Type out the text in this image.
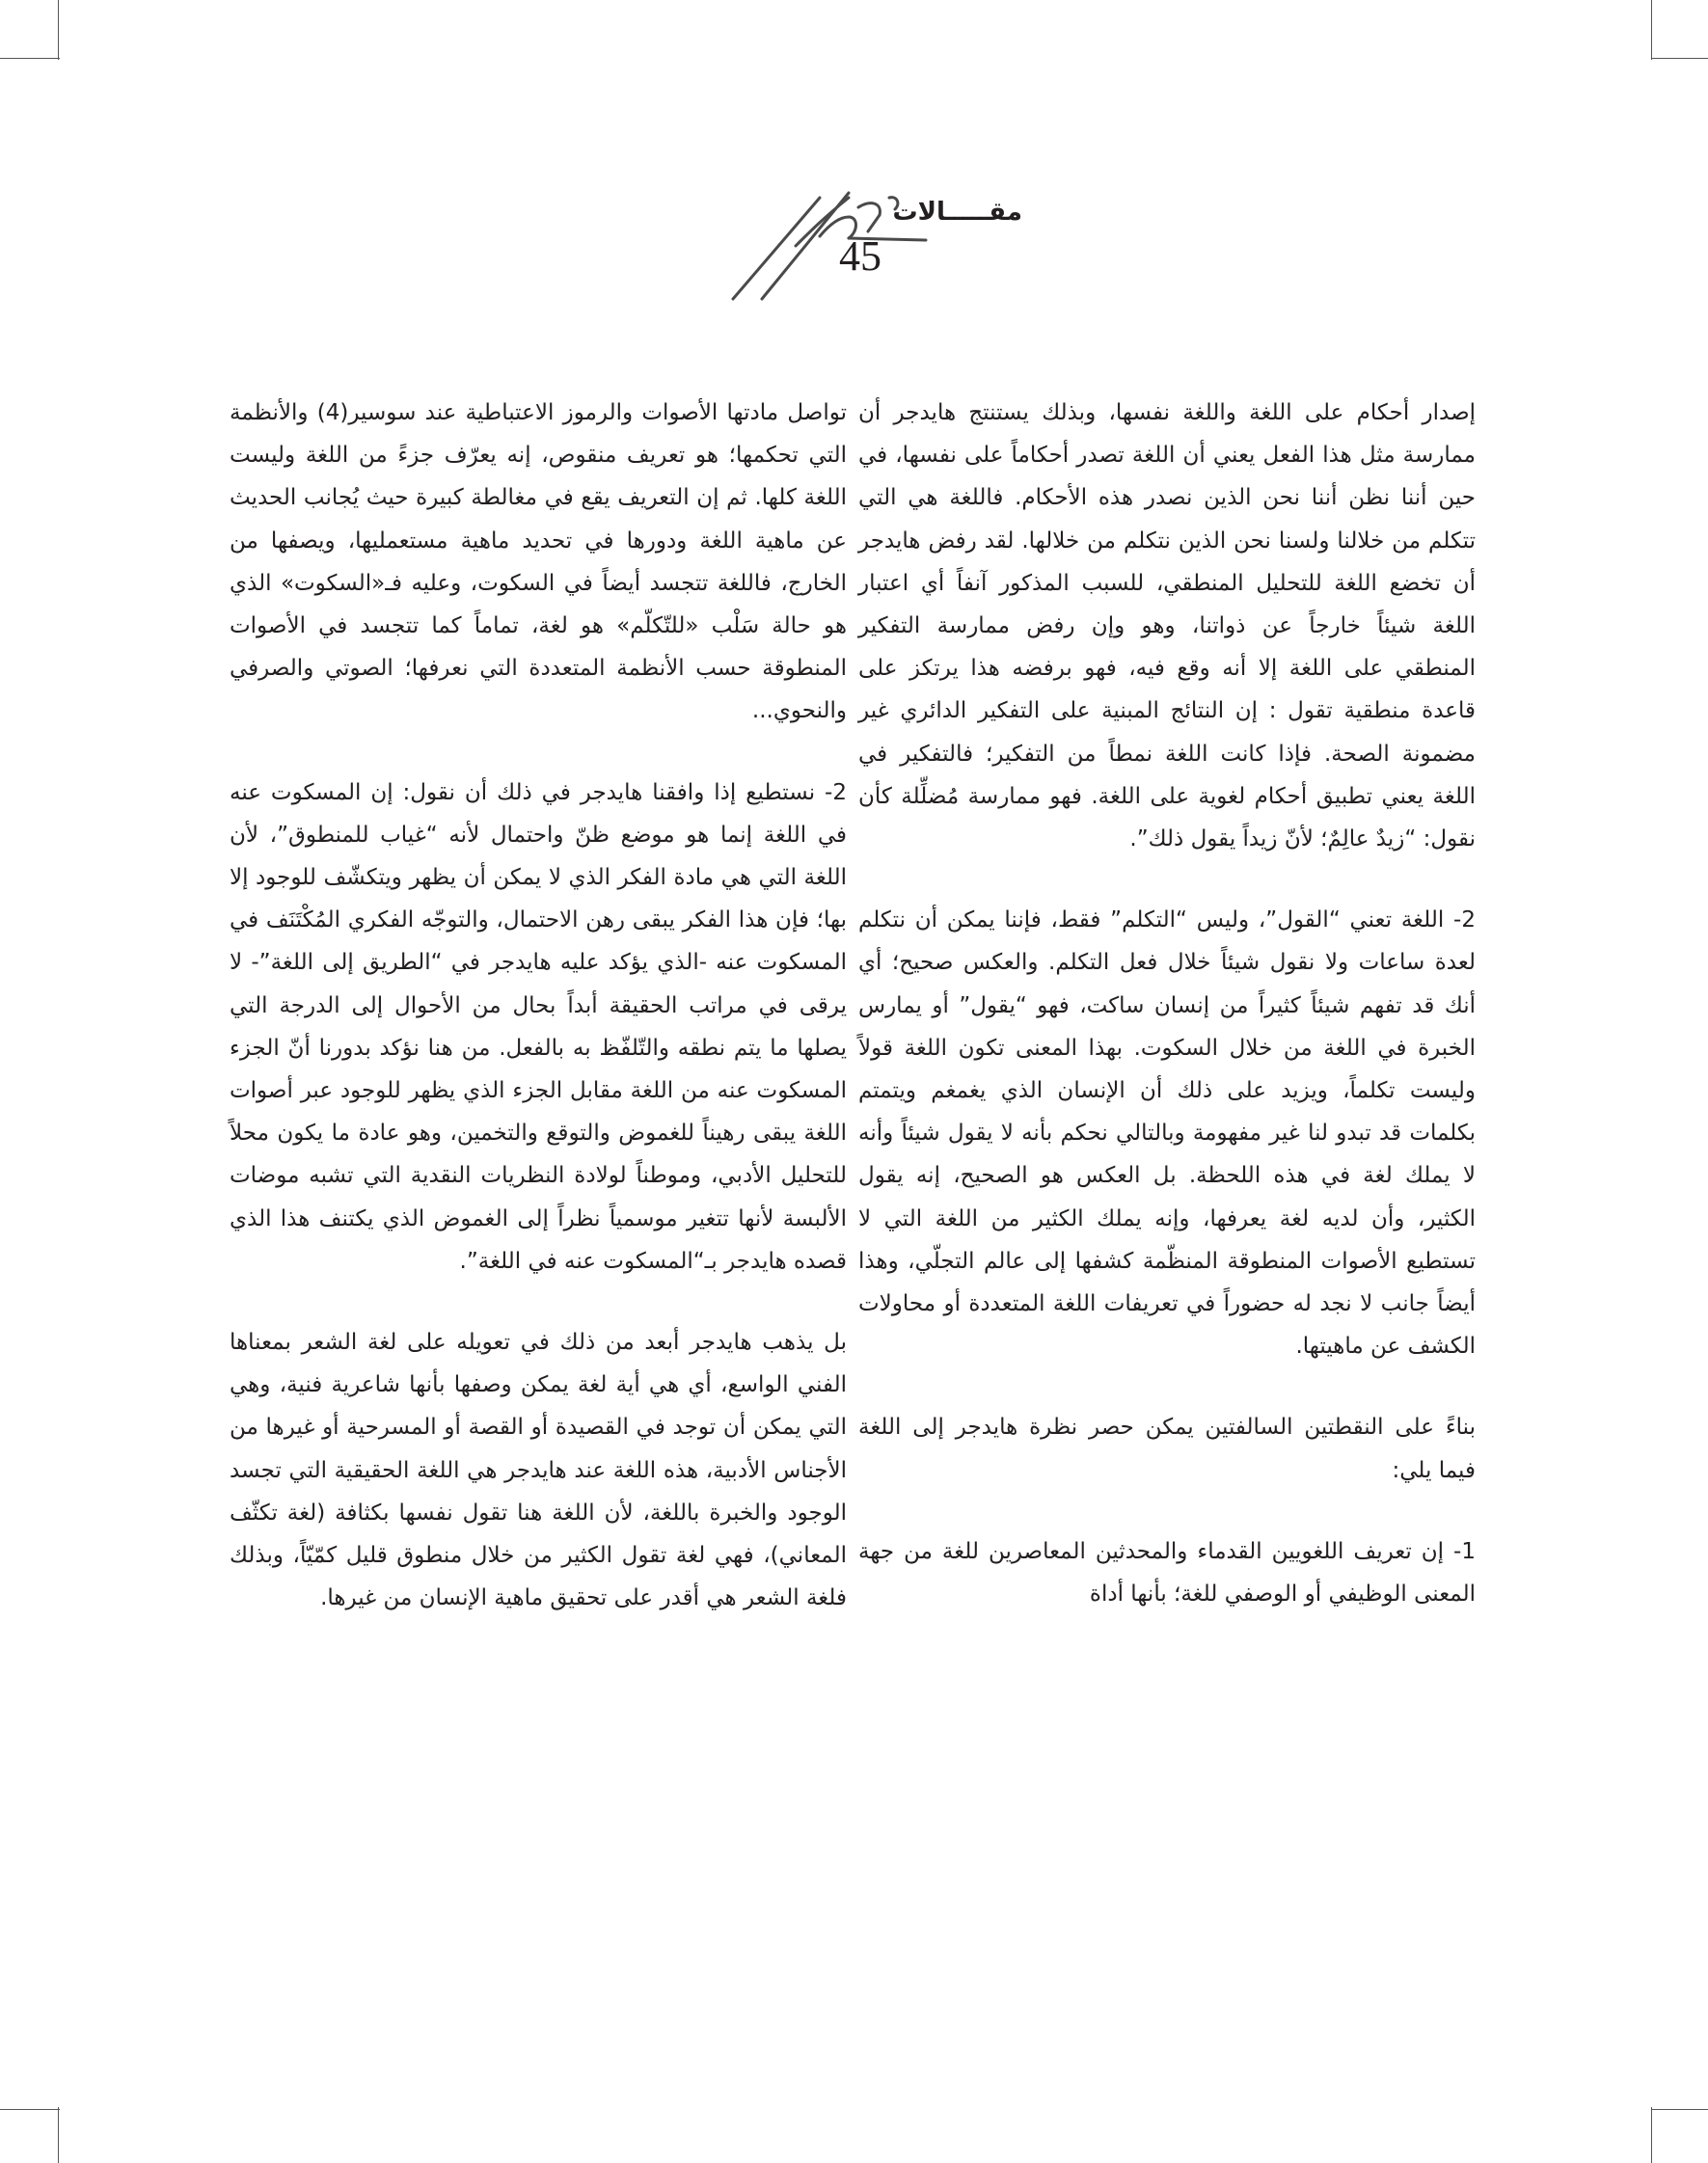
مقـــــالات
45

إصدار أحكام على اللغة واللغة نفسها، وبذلك يستنتج هايدجر أن ممارسة مثل هذا الفعل يعني أن اللغة تصدر أحكاماً على نفسها، في حين أننا نظن أننا نحن الذين نصدر هذه الأحكام. فاللغة هي التي تتكلم من خلالنا ولسنا نحن الذين نتكلم من خلالها. لقد رفض هايدجر أن تخضع اللغة للتحليل المنطقي، للسبب المذكور آنفاً أي اعتبار اللغة شيئاً خارجاً عن ذواتنا، وهو وإن رفض ممارسة التفكير المنطقي على اللغة إلا أنه وقع فيه، فهو برفضه هذا يرتكز على قاعدة منطقية تقول : إن النتائج المبنية على التفكير الدائري غير مضمونة الصحة. فإذا كانت اللغة نمطاً من التفكير؛ فالتفكير في اللغة يعني تطبيق أحكام لغوية على اللغة. فهو ممارسة مُضلِّلة كأن نقول: “زيدٌ عالِمٌ؛ لأنّ زيداً يقول ذلك”.

2- اللغة تعني “القول”، وليس “التكلم” فقط، فإننا يمكن أن نتكلم لعدة ساعات ولا نقول شيئاً خلال فعل التكلم. والعكس صحيح؛ أي أنك قد تفهم شيئاً كثيراً من إنسان ساكت، فهو “يقول” أو يمارس الخبرة في اللغة من خلال السكوت. بهذا المعنى تكون اللغة قولاً وليست تكلماً، ويزيد على ذلك أن الإنسان الذي يغمغم ويتمتم بكلمات قد تبدو لنا غير مفهومة وبالتالي نحكم بأنه لا يقول شيئاً وأنه لا يملك لغة في هذه اللحظة. بل العكس هو الصحيح، إنه يقول الكثير، وأن لديه لغة يعرفها، وإنه يملك الكثير من اللغة التي لا تستطيع الأصوات المنطوقة المنظّمة كشفها إلى عالم التجلّي، وهذا أيضاً جانب لا نجد له حضوراً في تعريفات اللغة المتعددة أو محاولات الكشف عن ماهيتها.

بناءً على النقطتين السالفتين يمكن حصر نظرة هايدجر إلى اللغة فيما يلي:

1- إن تعريف اللغويين القدماء والمحدثين المعاصرين للغة من جهة المعنى الوظيفي أو الوصفي للغة؛ بأنها أداة

تواصل مادتها الأصوات والرموز الاعتباطية عند سوسير(4) والأنظمة التي تحكمها؛ هو تعريف منقوص، إنه يعرّف جزءً من اللغة وليست اللغة كلها. ثم إن التعريف يقع في مغالطة كبيرة حيث يُجانب الحديث عن ماهية اللغة ودورها في تحديد ماهية مستعمليها، ويصفها من الخارج، فاللغة تتجسد أيضاً في السكوت، وعليه فـ«السكوت» الذي هو حالة سَلْب «للتّكلّم» هو لغة، تماماً كما تتجسد في الأصوات المنطوقة حسب الأنظمة المتعددة التي نعرفها؛ الصوتي والصرفي والنحوي...

2- نستطيع إذا وافقنا هايدجر في ذلك أن نقول: إن المسكوت عنه في اللغة إنما هو موضع ظنّ واحتمال لأنه “غياب للمنطوق”، لأن اللغة التي هي مادة الفكر الذي لا يمكن أن يظهر ويتكشّف للوجود إلا بها؛ فإن هذا الفكر يبقى رهن الاحتمال، والتوجّه الفكري المُكْتَنَف في المسكوت عنه -الذي يؤكد عليه هايدجر في “الطريق إلى اللغة”- لا يرقى في مراتب الحقيقة أبداً بحال من الأحوال إلى الدرجة التي يصلها ما يتم نطقه والتّلفّظ به بالفعل. من هنا نؤكد بدورنا أنّ الجزء المسكوت عنه من اللغة مقابل الجزء الذي يظهر للوجود عبر أصوات اللغة يبقى رهيناً للغموض والتوقع والتخمين، وهو عادة ما يكون محلاً للتحليل الأدبي، وموطناً لولادة النظريات النقدية التي تشبه موضات الألبسة لأنها تتغير موسمياً نظراً إلى الغموض الذي يكتنف هذا الذي قصده هايدجر بـ“المسكوت عنه في اللغة”.

بل يذهب هايدجر أبعد من ذلك في تعويله على لغة الشعر بمعناها الفني الواسع، أي هي أية لغة يمكن وصفها بأنها شاعرية فنية، وهي التي يمكن أن توجد في القصيدة أو القصة أو المسرحية أو غيرها من الأجناس الأدبية، هذه اللغة عند هايدجر هي اللغة الحقيقية التي تجسد الوجود والخبرة باللغة، لأن اللغة هنا تقول نفسها بكثافة (لغة تكثّف المعاني)، فهي لغة تقول الكثير من خلال منطوق قليل كمّيّاً، وبذلك فلغة الشعر هي أقدر على تحقيق ماهية الإنسان من غيرها.
